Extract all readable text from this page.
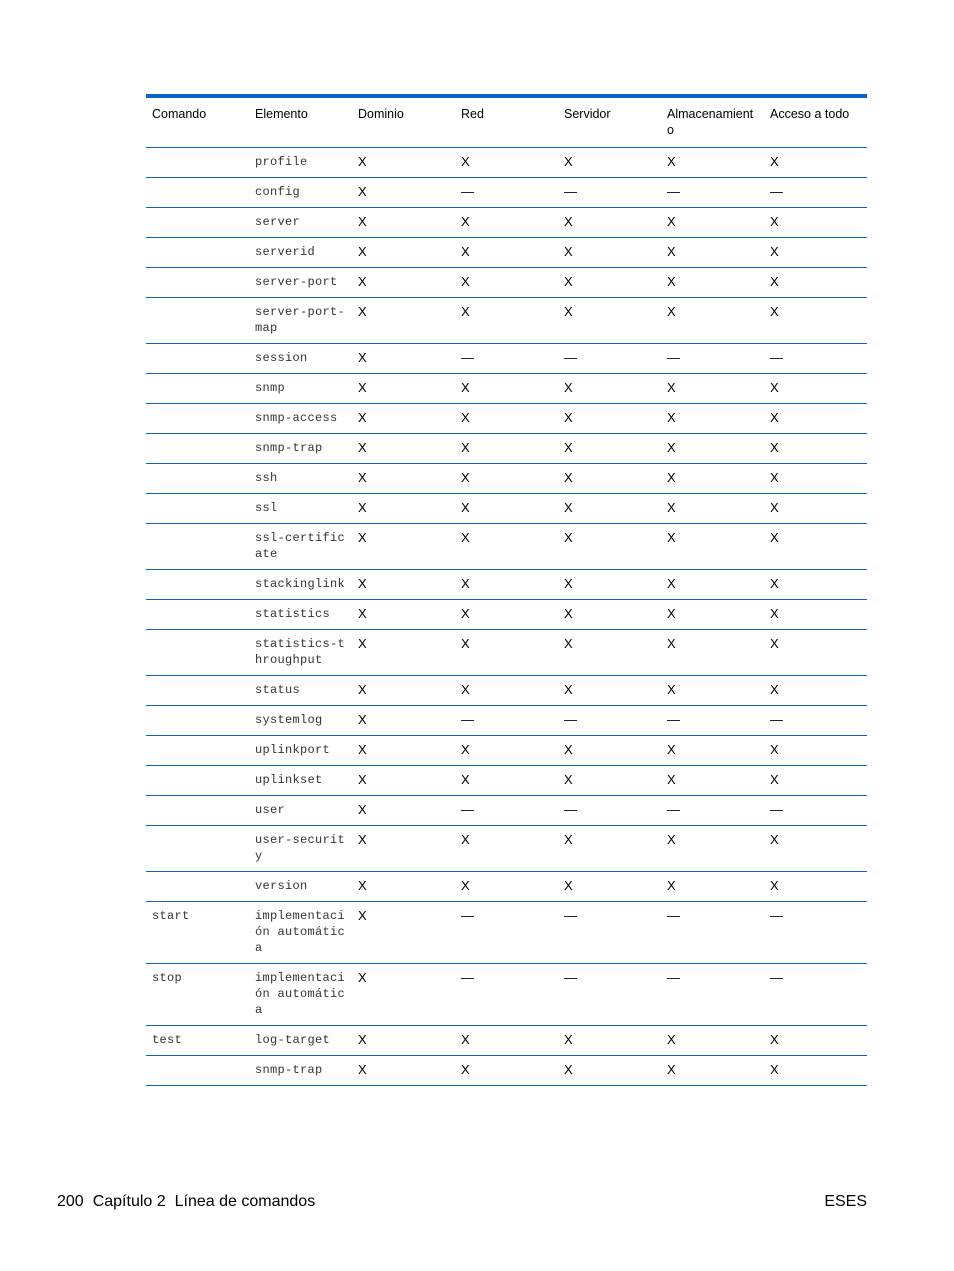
Comando	Elemento	Dominio	Red	Servidor	Almacenamiento	Acceso a todo
	profile	X	X	X	X	X
	config	X	—	—	—	—
	server	X	X	X	X	X
	serverid	X	X	X	X	X
	server-port	X	X	X	X	X
	server-port-map	X	X	X	X	X
	session	X	—	—	—	—
	snmp	X	X	X	X	X
	snmp-access	X	X	X	X	X
	snmp-trap	X	X	X	X	X
	ssh	X	X	X	X	X
	ssl	X	X	X	X	X
	ssl-certificate	X	X	X	X	X
	stackinglink	X	X	X	X	X
	statistics	X	X	X	X	X
	statistics-throughput	X	X	X	X	X
	status	X	X	X	X	X
	systemlog	X	—	—	—	—
	uplinkport	X	X	X	X	X
	uplinkset	X	X	X	X	X
	user	X	—	—	—	—
	user-security	X	X	X	X	X
	version	X	X	X	X	X
start	implementación automática	X	—	—	—	—
stop	implementación automática	X	—	—	—	—
test	log-target	X	X	X	X	X
	snmp-trap	X	X	X	X	X
200 Capítulo 2 Línea de comandos	ESES
